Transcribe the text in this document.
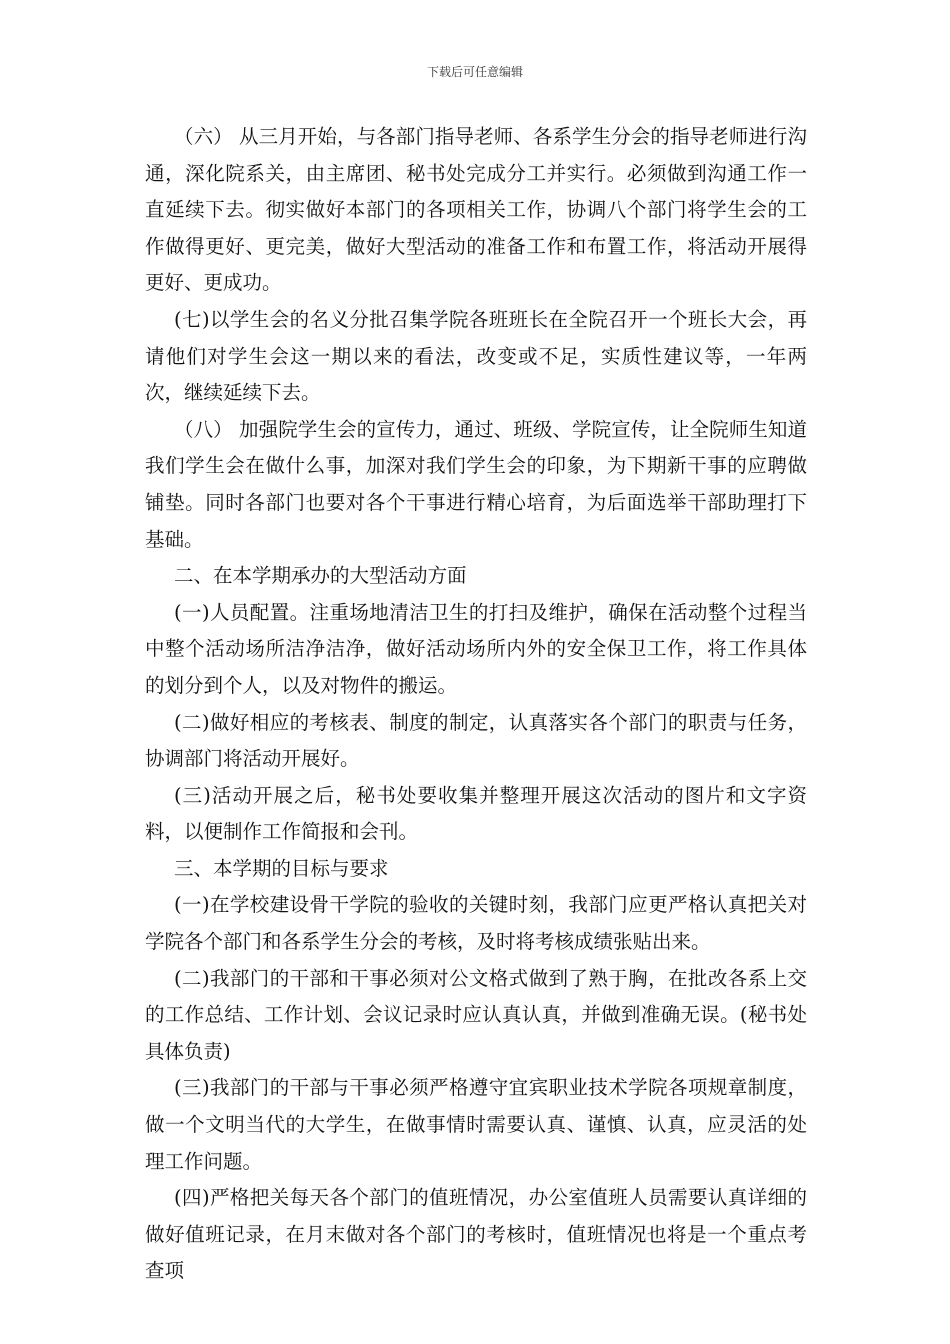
下载后可任意编辑

（六） 从三月开始，与各部门指导老师、各系学生分会的指导老师进行沟通，深化院系关，由主席团、秘书处完成分工并实行。必须做到沟通工作一直延续下去。彻实做好本部门的各项相关工作，协调八个部门将学生会的工作做得更好、更完美，做好大型活动的准备工作和布置工作，将活动开展得更好、更成功。

(七)以学生会的名义分批召集学院各班班长在全院召开一个班长大会，再请他们对学生会这一期以来的看法，改变或不足，实质性建议等，一年两次，继续延续下去。

（八） 加强院学生会的宣传力，通过、班级、学院宣传，让全院师生知道我们学生会在做什么事，加深对我们学生会的印象，为下期新干事的应聘做铺垫。同时各部门也要对各个干事进行精心培育，为后面选举干部助理打下基础。

二、在本学期承办的大型活动方面

(一)人员配置。注重场地清洁卫生的打扫及维护，确保在活动整个过程当中整个活动场所洁净洁净，做好活动场所内外的安全保卫工作，将工作具体的划分到个人，以及对物件的搬运。

(二)做好相应的考核表、制度的制定，认真落实各个部门的职责与任务，协调部门将活动开展好。

(三)活动开展之后，秘书处要收集并整理开展这次活动的图片和文字资料，以便制作工作简报和会刊。

三、本学期的目标与要求

(一)在学校建设骨干学院的验收的关键时刻，我部门应更严格认真把关对学院各个部门和各系学生分会的考核，及时将考核成绩张贴出来。

(二)我部门的干部和干事必须对公文格式做到了熟于胸，在批改各系上交的工作总结、工作计划、会议记录时应认真认真，并做到准确无误。(秘书处具体负责)

(三)我部门的干部与干事必须严格遵守宜宾职业技术学院各项规章制度，做一个文明当代的大学生，在做事情时需要认真、谨慎、认真，应灵活的处理工作问题。

(四)严格把关每天各个部门的值班情况，办公室值班人员需要认真详细的做好值班记录，在月末做对各个部门的考核时，值班情况也将是一个重点考查项
